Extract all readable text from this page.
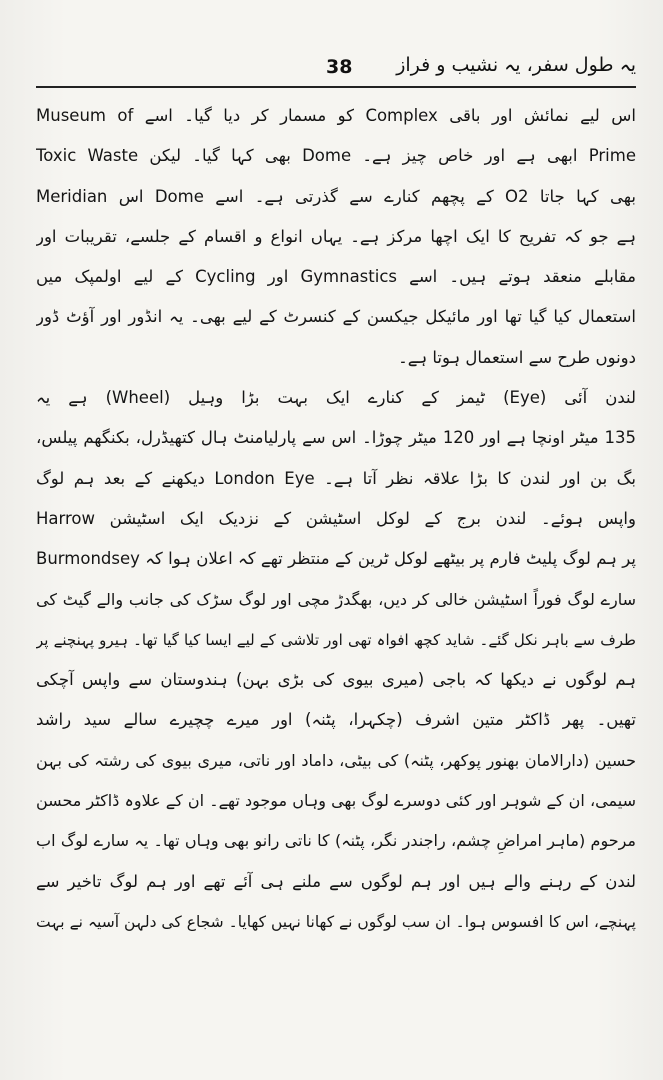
38 یہ طول سفر، یہ نشیب و فراز
اس لیے نمائش اور باقی Complex کو مسمار کر دیا گیا۔ اسے Museum of
Toxic Waste بھی کہا گیا۔ لیکن Dome ابھی ہے اور خاص چیز ہے۔ Prime
Meridian اس Dome کے پچھم کنارے سے گذرتی ہے۔ اسے O2 بھی کہا جاتا
ہے جو کہ تفریح کا ایک اچھا مرکز ہے۔ یہاں انواع و اقسام کے جلسے، تقریبات اور
مقابلے منعقد ہوتے ہیں۔ اسے Gymnastics اور Cycling کے لیے اولمپک میں
استعمال کیا گیا تھا اور مائیکل جیکسن کے کنسرٹ کے لیے بھی۔ یہ انڈور اور آؤٹ ڈور
دونوں طرح سے استعمال ہوتا ہے۔
لندن آئی (Eye) ٹیمز کے کنارے ایک بہت بڑا وہیل (Wheel) ہے یہ
135 میٹر اونچا ہے اور 120 میٹر چوڑا۔ اس سے پارلیامنٹ ہال کتھیڈرل، بکنگھم پیلس،
بگ بن اور لندن کا بڑا علاقہ نظر آتا ہے۔ London Eye دیکھنے کے بعد ہم لوگ
Harrow واپس ہوئے۔ لندن برج کے لوکل اسٹیشن کے نزدیک ایک اسٹیشن
Burmondsey پر ہم لوگ پلیٹ فارم پر بیٹھے لوکل ٹرین کے منتظر تھے کہ اعلان ہوا کہ
سارے لوگ فوراً اسٹیشن خالی کر دیں، بھگدڑ مچی اور لوگ سڑک کی جانب والے گیٹ کی
طرف سے باہر نکل گئے۔ شاید کچھ افواہ تھی اور تلاشی کے لیے ایسا کیا گیا تھا۔ ہیرو پہنچنے پر
ہم لوگوں نے دیکھا کہ باجی (میری بیوی کی بڑی بہن) ہندوستان سے واپس آچکی
تھیں۔ پھر ڈاکٹر متین اشرف (چکہرا، پٹنہ) اور میرے چچیرے سالے سید راشد
حسین (دارالامان بھنور پوکھر، پٹنہ) کی بیٹی، داماد اور ناتی، میری بیوی کی رشتہ کی بہن
سیمی، ان کے شوہر اور کئی دوسرے لوگ بھی وہاں موجود تھے۔ ان کے علاوہ ڈاکٹر محسن
مرحوم (ماہر امراضِ چشم، راجندر نگر، پٹنہ) کا ناتی رانو بھی وہاں تھا۔ یہ سارے لوگ اب
لندن کے رہنے والے ہیں اور ہم لوگوں سے ملنے ہی آئے تھے اور ہم لوگ تاخیر سے
پہنچے، اس کا افسوس ہوا۔ ان سب لوگوں نے کھانا نہیں کھایا۔ شجاع کی دلہن آسیہ نے بہت
